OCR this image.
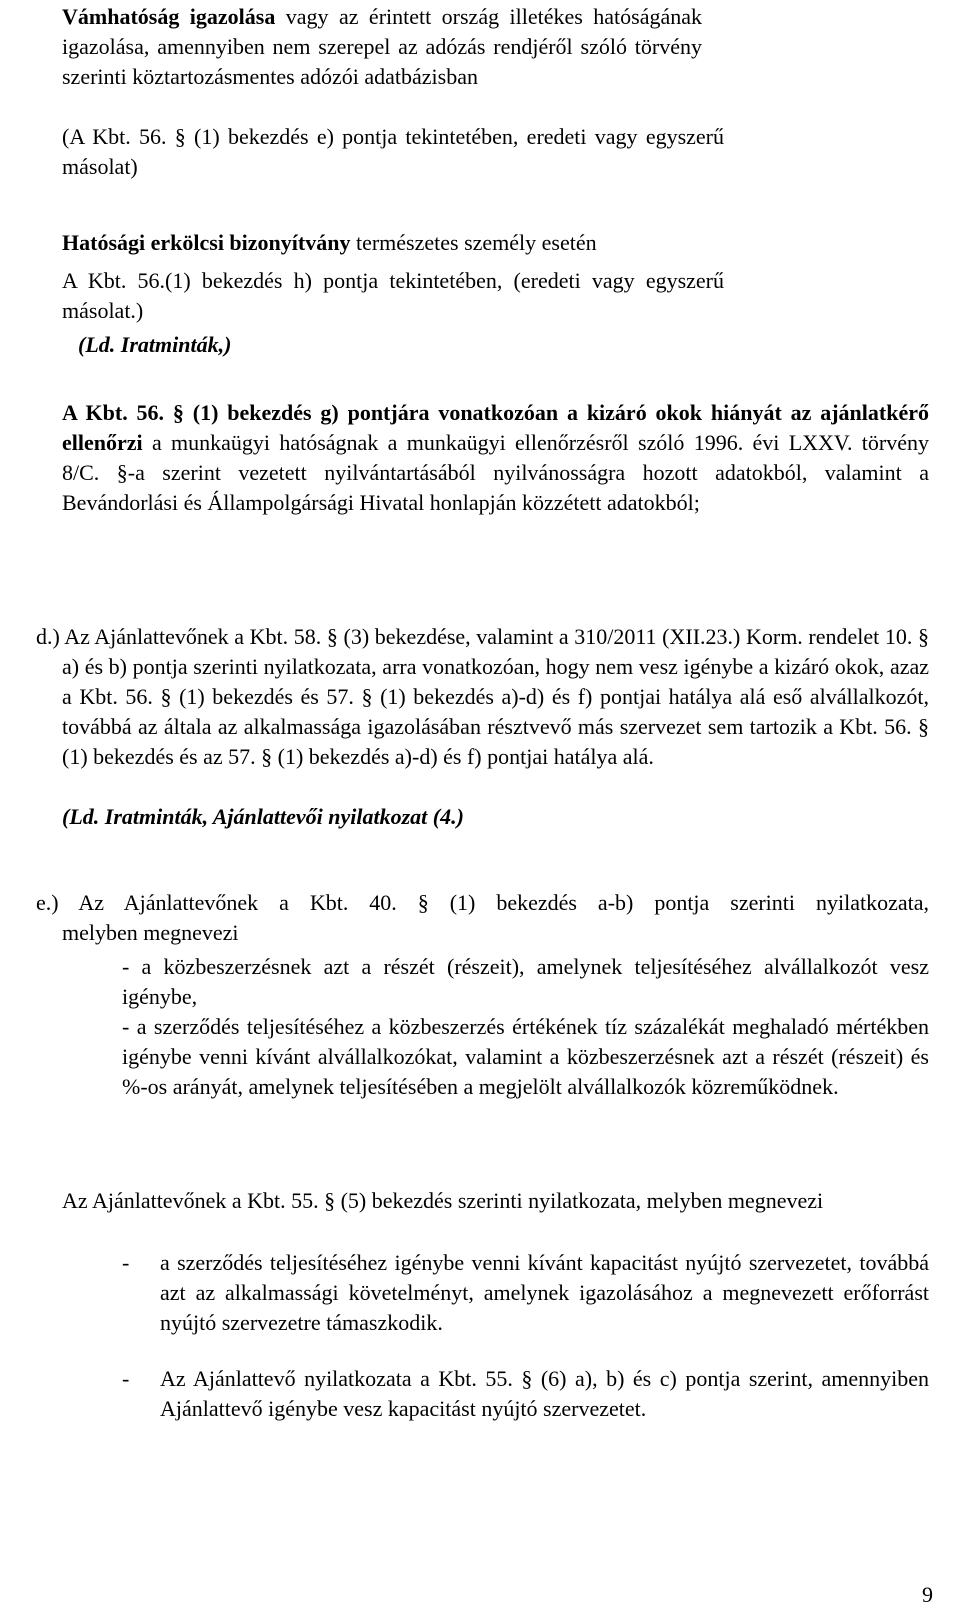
Vámhatóság igazolása vagy az érintett ország illetékes hatóságának igazolása, amennyiben nem szerepel az adózás rendjéről szóló törvény szerinti köztartozásmentes adózói adatbázisban

(A Kbt. 56. § (1) bekezdés e) pontja tekintetében, eredeti vagy egyszerű másolat)

Hatósági erkölcsi bizonyítvány természetes személy esetén

A Kbt. 56.(1) bekezdés h) pontja tekintetében, (eredeti vagy egyszerű másolat.)

(Ld. Iratminták,)

A Kbt. 56. § (1) bekezdés g) pontjára vonatkozóan a kizáró okok hiányát az ajánlatkérő ellenőrzi a munkaügyi hatóságnak a munkaügyi ellenőrzésről szóló 1996. évi LXXV. törvény 8/C. §-a szerint vezetett nyilvántartásából nyilvánosságra hozott adatokból, valamint a Bevándorlási és Állampolgársági Hivatal honlapján közzétett adatokból;

d.) Az Ajánlattevőnek a Kbt. 58. § (3) bekezdése, valamint a 310/2011 (XII.23.) Korm. rendelet 10. § a) és b) pontja szerinti nyilatkozata, arra vonatkozóan, hogy nem vesz igénybe a kizáró okok, azaz a Kbt. 56. § (1) bekezdés és 57. § (1) bekezdés a)-d) és f) pontjai hatálya alá eső alvállalkozót, továbbá az általa az alkalmassága igazolásában résztvevő más szervezet sem tartozik a Kbt. 56. § (1) bekezdés és az 57. § (1) bekezdés a)-d) és f) pontjai hatálya alá.

(Ld. Iratminták, Ajánlattevői nyilatkozat (4.)

e.) Az Ajánlattevőnek a Kbt. 40. § (1) bekezdés a-b) pontja szerinti nyilatkozata,

melyben megnevezi

- a közbeszerzésnek azt a részét (részeit), amelynek teljesítéséhez alvállalkozót vesz igénybe,

- a szerződés teljesítéséhez a közbeszerzés értékének tíz százalékát meghaladó mértékben igénybe venni kívánt alvállalkozókat, valamint a közbeszerzésnek azt a részét (részeit) és %-os arányát, amelynek teljesítésében a megjelölt alvállalkozók közreműködnek.

Az Ajánlattevőnek a Kbt. 55. § (5) bekezdés szerinti nyilatkozata, melyben megnevezi

-	a szerződés teljesítéséhez igénybe venni kívánt kapacitást nyújtó szervezetet, továbbá azt az alkalmassági követelményt, amelynek igazolásához a megnevezett erőforrást nyújtó szervezetre támaszkodik.

-	Az Ajánlattevő nyilatkozata a Kbt. 55. § (6) a), b) és c) pontja szerint, amennyiben Ajánlattevő igénybe vesz kapacitást nyújtó szervezetet.

9
